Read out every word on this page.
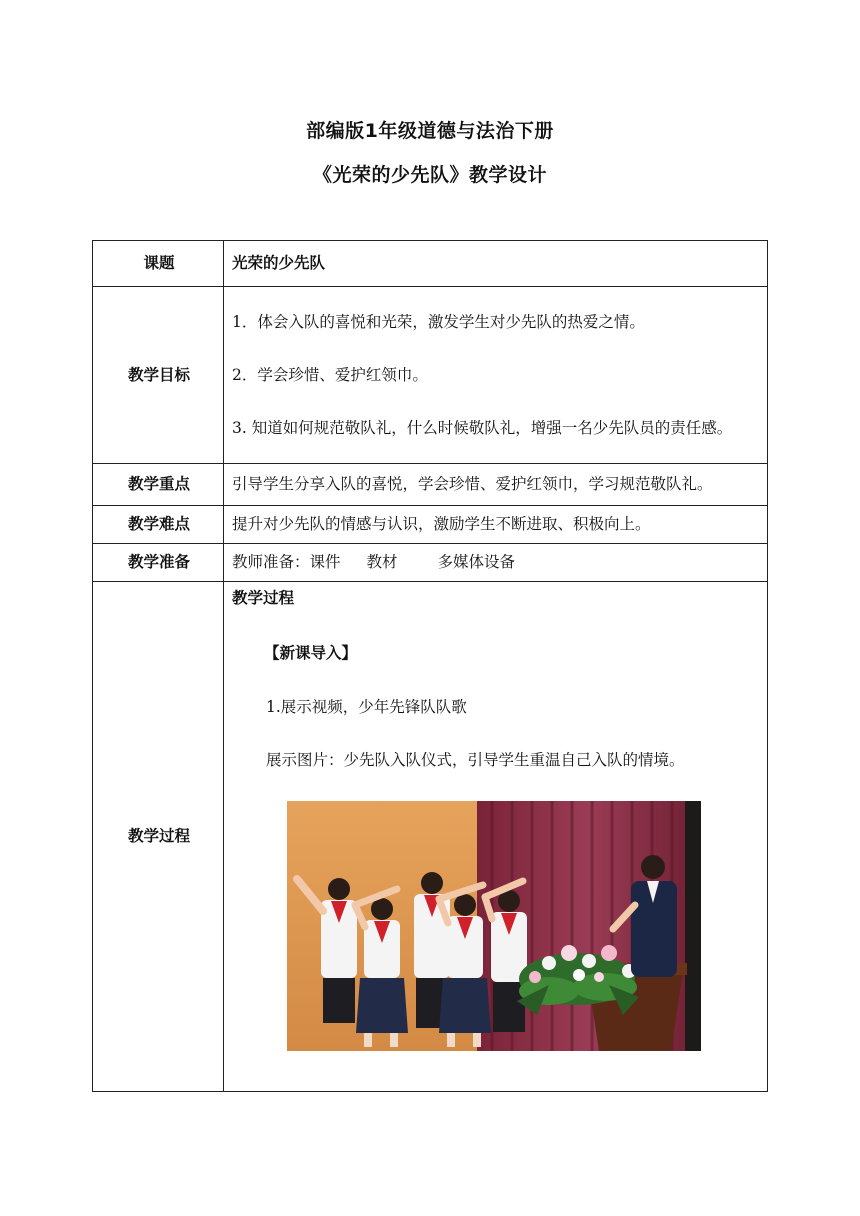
部编版1年级道德与法治下册
《光荣的少先队》教学设计
课题	光荣的少先队
教学目标	1．体会入队的喜悦和光荣，激发学生对少先队的热爱之情。

2．学会珍惜、爱护红领巾。

3. 知道如何规范敬队礼，什么时候敬队礼，增强一名少先队员的责任感。

教学重点	引导学生分享入队的喜悦，学会珍惜、爱护红领巾，学习规范敬队礼。
教学难点	提升对少先队的情感与认识，激励学生不断进取、积极向上。
教学准备	教师准备：课件 教材 多媒体设备
教学过程	教学过程
【新课导入】
1.展示视频，少年先锋队队歌
展示图片：少先队入队仪式，引导学生重温自己入队的情境。
